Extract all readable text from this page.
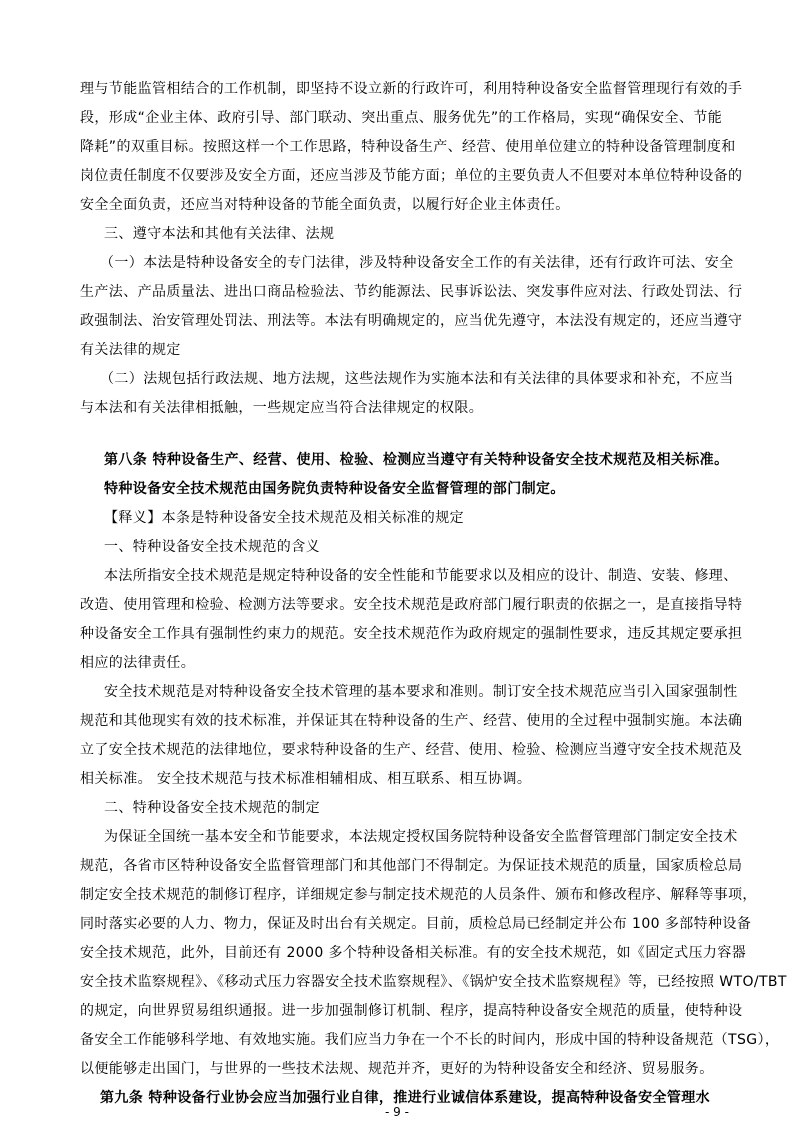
理与节能监管相结合的工作机制，即坚持不设立新的行政许可，利用特种设备安全监督管理现行有效的手
段，形成“企业主体、政府引导、部门联动、突出重点、服务优先”的工作格局，实现“确保安全、节能
降耗”的双重目标。按照这样一个工作思路，特种设备生产、经营、使用单位建立的特种设备管理制度和
岗位责任制度不仅要涉及安全方面，还应当涉及节能方面；单位的主要负责人不但要对本单位特种设备的
安全全面负责，还应当对特种设备的节能全面负责，以履行好企业主体责任。
三、遵守本法和其他有关法律、法规
（一）本法是特种设备安全的专门法律，涉及特种设备安全工作的有关法律，还有行政许可法、安全
生产法、产品质量法、进出口商品检验法、节约能源法、民事诉讼法、突发事件应对法、行政处罚法、行
政强制法、治安管理处罚法、刑法等。本法有明确规定的，应当优先遵守，本法没有规定的，还应当遵守
有关法律的规定
（二）法规包括行政法规、地方法规，这些法规作为实施本法和有关法律的具体要求和补充，不应当
与本法和有关法律相抵触，一些规定应当符合法律规定的权限。
第八条 特种设备生产、经营、使用、检验、检测应当遵守有关特种设备安全技术规范及相关标准。
特种设备安全技术规范由国务院负责特种设备安全监督管理的部门制定。
【释义】本条是特种设备安全技术规范及相关标准的规定
一、特种设备安全技术规范的含义
本法所指安全技术规范是规定特种设备的安全性能和节能要求以及相应的设计、制造、安装、修理、
改造、使用管理和检验、检测方法等要求。安全技术规范是政府部门履行职责的依据之一，是直接指导特
种设备安全工作具有强制性约束力的规范。安全技术规范作为政府规定的强制性要求，违反其规定要承担
相应的法律责任。
安全技术规范是对特种设备安全技术管理的基本要求和准则。制订安全技术规范应当引入国家强制性
规范和其他现实有效的技术标准，并保证其在特种设备的生产、经营、使用的全过程中强制实施。本法确
立了安全技术规范的法律地位，要求特种设备的生产、经营、使用、检验、检测应当遵守安全技术规范及
相关标准。 安全技术规范与技术标准相辅相成、相互联系、相互协调。
二、特种设备安全技术规范的制定
为保证全国统一基本安全和节能要求，本法规定授权国务院特种设备安全监督管理部门制定安全技术
规范，各省市区特种设备安全监督管理部门和其他部门不得制定。为保证技术规范的质量，国家质检总局
制定安全技术规范的制修订程序，详细规定参与制定技术规范的人员条件、颁布和修改程序、解释等事项，
同时落实必要的人力、物力，保证及时出台有关规定。目前，质检总局已经制定并公布 100 多部特种设备
安全技术规范，此外，目前还有 2000 多个特种设备相关标准。有的安全技术规范，如《固定式压力容器
安全技术监察规程》、《移动式压力容器安全技术监察规程》、《锅炉安全技术监察规程》等，已经按照 WTO/TBT
的规定，向世界贸易组织通报。进一步加强制修订机制、程序，提高特种设备安全规范的质量，使特种设
备安全工作能够科学地、有效地实施。我们应当力争在一个不长的时间内，形成中国的特种设备规范（TSG），
以便能够走出国门，与世界的一些技术法规、规范并齐，更好的为特种设备安全和经济、贸易服务。
第九条 特种设备行业协会应当加强行业自律，推进行业诚信体系建设，提高特种设备安全管理水
- 9 -
